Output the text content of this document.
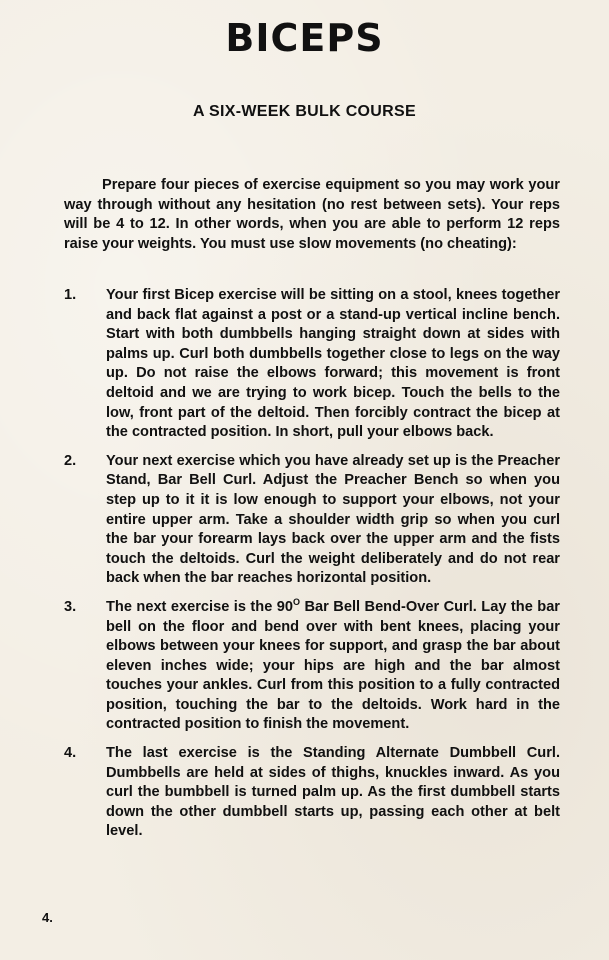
BICEPS
A SIX-WEEK BULK COURSE

Prepare four pieces of exercise equipment so you may work your way through without any hesitation (no rest between sets). Your reps will be 4 to 12. In other words, when you are able to perform 12 reps raise your weights. You must use slow movements (no cheating):

1.	Your first Bicep exercise will be sitting on a stool, knees together and back flat against a post or a stand-up vertical incline bench. Start with both dumbbells hanging straight down at sides with palms up. Curl both dumbbells together close to legs on the way up. Do not raise the elbows forward; this movement is front deltoid and we are trying to work bicep. Touch the bells to the low, front part of the deltoid. Then forcibly contract the bicep at the contracted position. In short, pull your elbows back.
2.	Your next exercise which you have already set up is the Preacher Stand, Bar Bell Curl. Adjust the Preacher Bench so when you step up to it it is low enough to support your elbows, not your entire upper arm. Take a shoulder width grip so when you curl the bar your forearm lays back over the upper arm and the fists touch the deltoids. Curl the weight deliberately and do not rear back when the bar reaches horizontal position.
3.	The next exercise is the $90^O$ Bar Bell Bend-Over Curl. Lay the bar bell on the floor and bend over with bent knees, placing your elbows between your knees for support, and grasp the bar about eleven inches wide; your hips are high and the bar almost touches your ankles. Curl from this position to a fully contracted position, touching the bar to the deltoids. Work hard in the contracted position to finish the movement.
4.	The last exercise is the Standing Alternate Dumbbell Curl. Dumbbells are held at sides of thighs, knuckles inward. As you curl the bumbbell is turned palm up. As the first dumbbell starts down the other dumbbell starts up, passing each other at belt level.
4.
